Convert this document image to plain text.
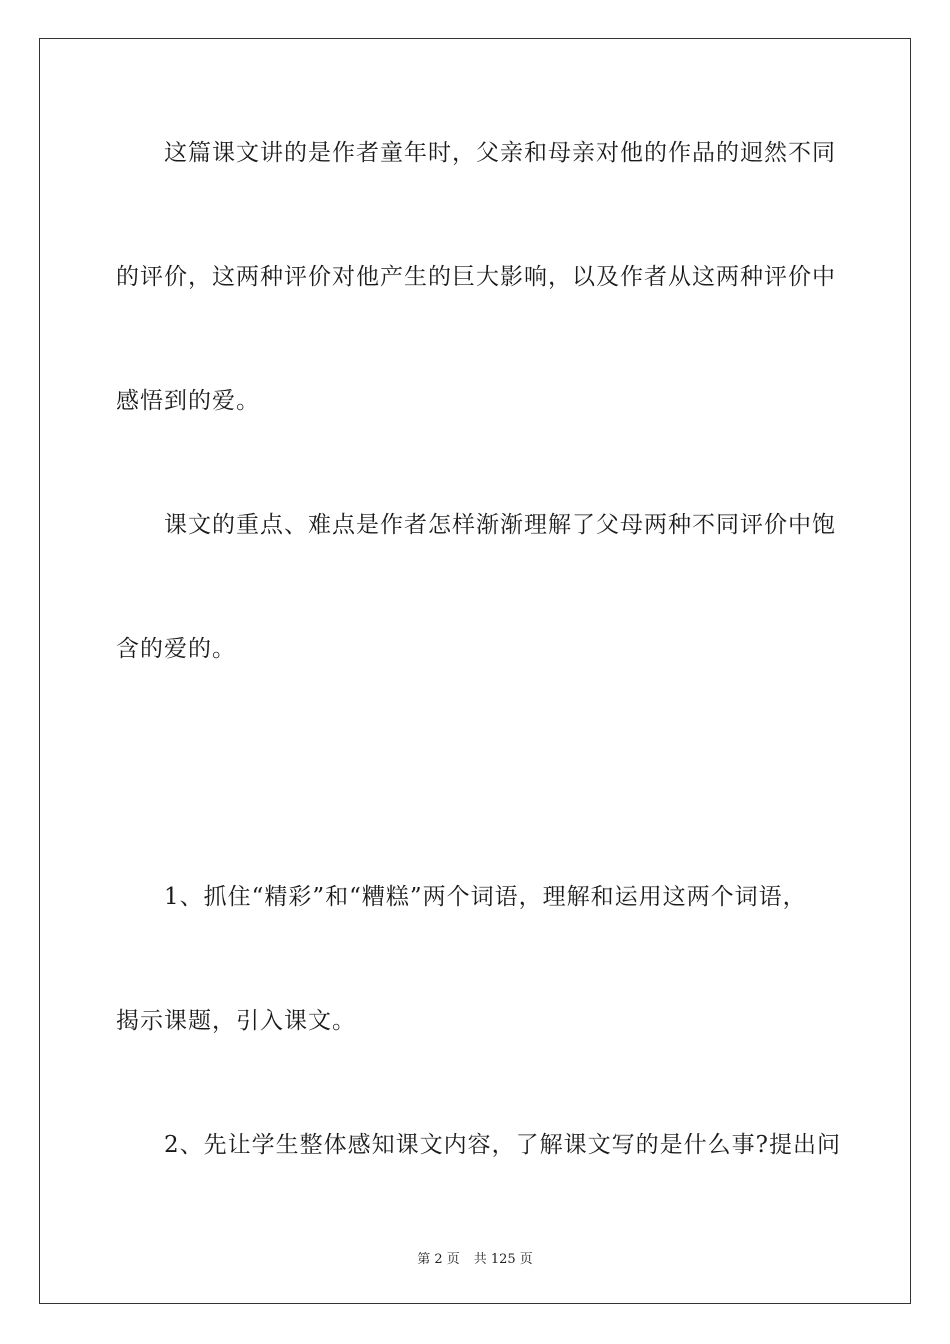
这篇课文讲的是作者童年时，父亲和母亲对他的作品的迥然不同
的评价，这两种评价对他产生的巨大影响，以及作者从这两种评价中
感悟到的爱。
课文的重点、难点是作者怎样渐渐理解了父母两种不同评价中饱
含的爱的。
1、抓住“精彩”和“糟糕”两个词语，理解和运用这两个词语，
揭示课题，引入课文。
2、先让学生整体感知课文内容，了解课文写的是什么事?提出问
第 2 页 共 125 页
